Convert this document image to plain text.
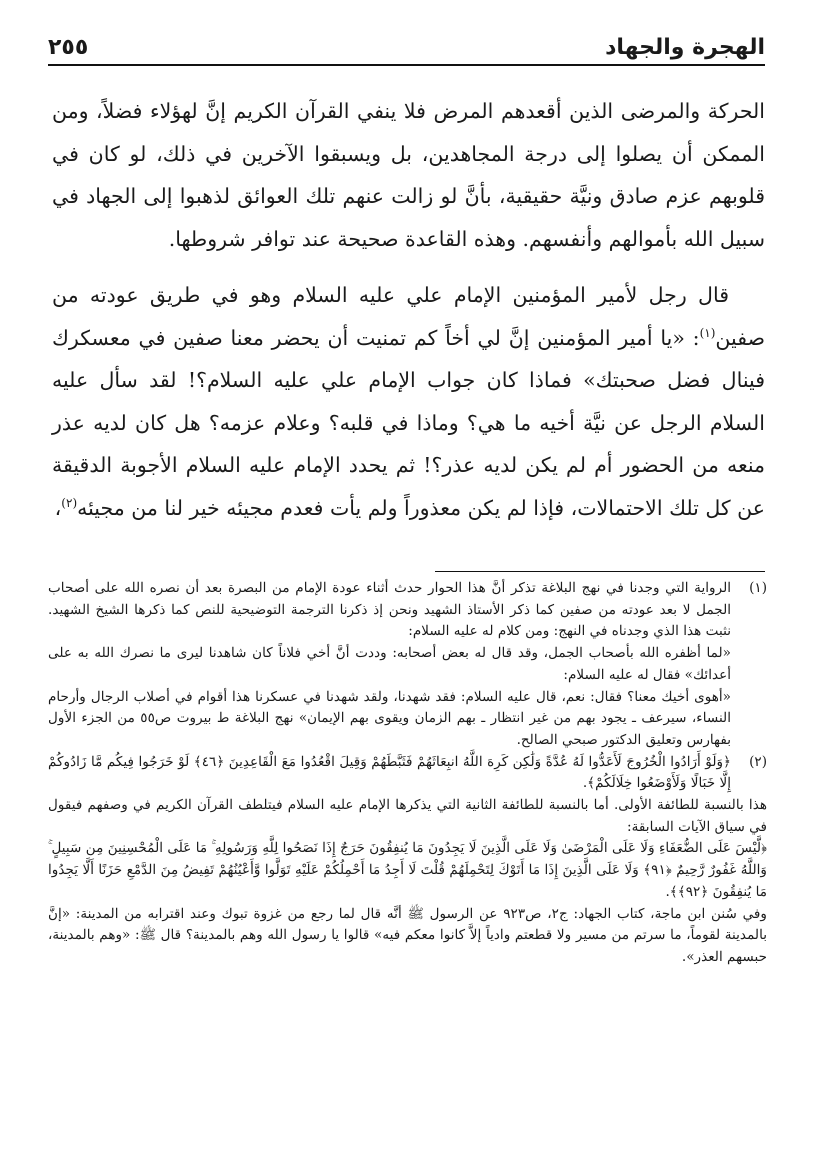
الهجرة والجهاد
٢٥٥

الحركة والمرضى الذين أقعدهم المرض فلا ينفي القرآن الكريم إنَّ لهؤلاء فضلاً، ومن الممكن أن يصلوا إلى درجة المجاهدين، بل ويسبقوا الآخرين في ذلك، لو كان في قلوبهم عزم صادق ونيَّة حقيقية، بأنَّ لو زالت عنهم تلك العوائق لذهبوا إلى الجهاد في سبيل الله بأموالهم وأنفسهم. وهذه القاعدة صحيحة عند توافر شروطها.

قال رجل لأمير المؤمنين الإمام علي عليه السلام وهو في طريق عودته من صفين$^{(١)}$: «يا أمير المؤمنين إنَّ لي أخاً كم تمنيت أن يحضر معنا صفين في معسكرك فينال فضل صحبتك» فماذا كان جواب الإمام علي عليه السلام؟! لقد سأل عليه السلام الرجل عن نيَّة أخيه ما هي؟ وماذا في قلبه؟ وعلام عزمه؟ هل كان لديه عذر منعه من الحضور أم لم يكن لديه عذر؟! ثم يحدد الإمام عليه السلام الأجوبة الدقيقة عن كل تلك الاحتمالات، فإذا لم يكن معذوراً ولم يأت فعدم مجيئه خير لنا من مجيئه$^{(٢)}$،

(١)

الرواية التي وجدنا في نهج البلاغة تذكر أنَّ هذا الحوار حدث أثناء عودة الإمام من البصرة بعد أن نصره الله على أصحاب الجمل لا بعد عودته من صفين كما ذكر الأستاذ الشهيد ونحن إذ ذكرنا الترجمة التوضيحية للنص كما ذكرها الشيخ الشهيد. نثبت هذا الذي وجدناه في النهج: ومن كلام له عليه السلام:

«لما أظفره الله بأصحاب الجمل، وقد قال له بعض أصحابه: وددت أنَّ أخي فلاناً كان شاهدنا ليرى ما نصرك الله به على أعدائك» فقال له عليه السلام:

«أهوى أخيك معنا؟ فقال: نعم، قال عليه السلام: فقد شهدنا، ولقد شهدنا في عسكرنا هذا أقوام في أصلاب الرجال وأرحام النساء، سيرعف ـ يجود بهم من غير انتظار ـ بهم الزمان ويقوى بهم الإيمان» نهج البلاغة ط بيروت ص٥٥ من الجزء الأول بفهارس وتعليق الدكتور صبحي الصالح.

(٢)

﴿وَلَوْ أَرَادُوا الْخُرُوجَ لَأَعَدُّوا لَهُ عُدَّةً وَلَٰكِن كَرِهَ اللَّهُ انبِعَاثَهُمْ فَثَبَّطَهُمْ وَقِيلَ اقْعُدُوا مَعَ الْقَاعِدِينَ ﴿٤٦﴾ لَوْ خَرَجُوا فِيكُم مَّا زَادُوكُمْ إِلَّا خَبَالًا وَلَأَوْضَعُوا خِلَالَكُمْ﴾.

هذا بالنسبة للطائفة الأولى. أما بالنسبة للطائفة الثانية التي يذكرها الإمام عليه السلام فيتلطف القرآن الكريم في وصفهم فيقول في سياق الآيات السابقة:

﴿لَّيْسَ عَلَى الضُّعَفَاءِ وَلَا عَلَى الْمَرْضَىٰ وَلَا عَلَى الَّذِينَ لَا يَجِدُونَ مَا يُنفِقُونَ حَرَجٌ إِذَا نَصَحُوا لِلَّهِ وَرَسُولِهِ ۚ مَا عَلَى الْمُحْسِنِينَ مِن سَبِيلٍ ۚ وَاللَّهُ غَفُورٌ رَّحِيمٌ ﴿٩١﴾ وَلَا عَلَى الَّذِينَ إِذَا مَا أَتَوْكَ لِتَحْمِلَهُمْ قُلْتَ لَا أَجِدُ مَا أَحْمِلُكُمْ عَلَيْهِ تَوَلَّوا وَّأَعْيُنُهُمْ تَفِيضُ مِنَ الدَّمْعِ حَزَنًا أَلَّا يَجِدُوا مَا يُنفِقُونَ ﴿٩٢﴾﴾.

وفي سُنن ابن ماجة، كتاب الجهاد: ج٢، ص٩٢٣ عن الرسول ﷺ أنَّه قال لما رجع من غزوة تبوك وعند اقترابه من المدينة: «إنَّ بالمدينة لقوماً، ما سرتم من مسير ولا قطعتم وادياً إلاَّ كانوا معكم فيه» قالوا يا رسول الله وهم بالمدينة؟ قال ﷺ: «وهم بالمدينة، حبسهم العذر».
